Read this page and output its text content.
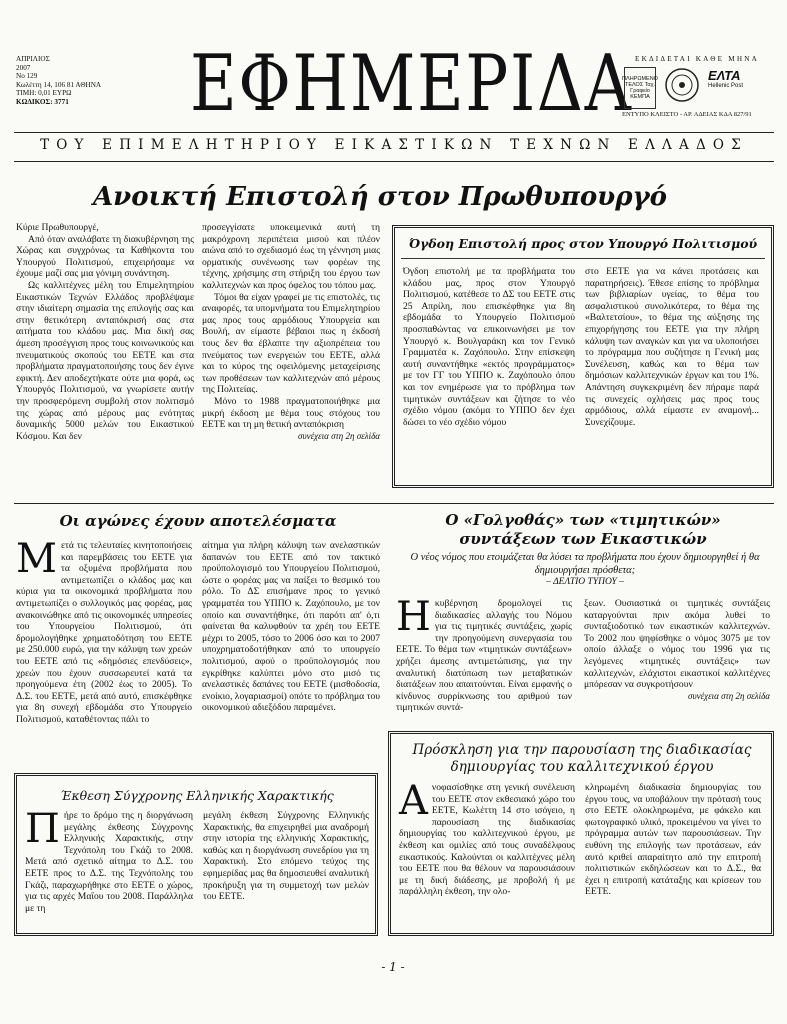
ΑΠΡΙΛΙΟΣ
2007
No 129
Κωλέττη 14, 106 81 ΑΘΗΝΑ
ΤΙΜΗ: 0,01 ΕΥΡΩ
ΚΩΔΙΚΟΣ: 3771	ΕΦΗΜΕΡΙΔΑ ΕΚΔΙΔΕΤΑΙ ΚΑΘΕ ΜΗΝΑ
ΠΛΗΡΩΜΕΝΟ ΤΕΛΟΣ Ταχ. Γραφείο ΚΕΜΠΑ
ΕΛΤΑ
Hellenic Post
ΕΝΤΥΠΟ ΚΛΕΙΣΤΟ - ΑΡ. ΑΔΕΙΑΣ ΚΔΑ 827/91
ΤΟΥ ΕΠΙΜΕΛΗΤΗΡΙΟΥ ΕΙΚΑΣΤΙΚΩΝ ΤΕΧΝΩΝ ΕΛΛΑΔΟΣ
Ανοικτή Επιστολή στον Πρωθυπουργό

Κύριε Πρωθυπουργέ,

Από όταν αναλάβατε τη διακυβέρνηση της Χώρας και συγχρόνως τα Καθήκοντα του Υπουργού Πολιτισμού, επιχειρήσαμε να έχουμε μαζί σας μια γόνιμη συνάντηση.

Ως καλλιτέχνες μέλη του Επιμελητηρίου Εικαστικών Τεχνών Ελλάδος προβλέψαμε στην ιδιαίτερη σημασία της επιλογής σας και στην θετικότερη ανταπόκρισή σας στα αιτήματα του κλάδου μας. Μια δική σας άμεση προσέγγιση προς τους κοινωνικούς και πνευματικούς σκοπούς του ΕΕΤΕ και στα προβλήματα πραγματοποιήσης τους δεν έγινε εφικτή. Δεν αποδεχτήκατε ούτε μια φορά, ως Υπουργός Πολιτισμού, να γνωρίσετε αυτήν την προσφερόμενη συμβολή στον πολιτισμό της χώρας από μέρους μας ενότητας δυναμικής 5000 μελών του Εικαστικού Κόσμου. Και δεν

προσεγγίσατε υποκειμενικά αυτή τη μακρόχρονη περιπέτεια μισού και πλέον αιώνα από το σχεδιασμό έως τη γέννηση μιας ορματικής συνένωσης των φορέων της τέχνης, χρήσιμης στη στήριξη του έργου των καλλιτεχνών και προς όφελος του τόπου μας.

Τόμοι θα είχαν γραφεί με τις επιστολές, τις αναφορές, τα υπομνήματα του Επιμελητηρίου μας προς τους αρμόδιους Υπουργεία και Βουλή, αν είμαστε βέβαιοι πως η έκδοσή τους δεν θα έβλαπτε την αξιοπρέπεια του πνεύματος των ενεργειών του ΕΕΤΕ, αλλά και το κύρος της οφειλόμενης μεταχείρισης των προθέσεων των καλλιτεχνών από μέρους της Πολιτείας.

Μόνο το 1988 πραγματοποιήθηκε μια μικρή έκδοση με θέμα τους στόχους του ΕΕΤΕ και τη μη θετική ανταπόκριση

συνέχεια στη 2η σελίδα
Όγδοη Επιστολή προς στον Υπουργό Πολιτισμού
Όγδοη επιστολή με τα προβλήματα του κλάδου μας, προς στον Υπουργό Πολιτισμού, κατέθεσε το ΔΣ του ΕΕΤΕ στις 25 Απρίλη, που επισκέφθηκε για 8η εβδομάδα το Υπουργείο Πολιτισμού προσπαθώντας να επικοινωνήσει με τον Υπουργό κ. Βουλγαράκη και τον Γενικό Γραμματέα κ. Ζαχόπουλο. Στην επίσκεψη αυτή συναντήθηκε «εκτός προγράμματος» με τον ΓΓ του ΥΠΠΟ κ. Ζαχόπουλο όπου και τον ενημέρωσε για το πρόβλημα των τιμητικών συντάξεων και ζήτησε το νέο σχέδιο νόμου (ακόμα το ΥΠΠΟ δεν έχει δώσει το νέο σχέδιο νόμου
στο ΕΕΤΕ για να κάνει προτάσεις και παρατηρήσεις). Έθεσε επίσης το πρόβλημα των βιβλιαρίων υγείας, το θέμα του ασφαλιστικού συνολικότερα, το θέμα της «Βαλτετσίου», το θέμα της αύξησης της επιχορήγησης του ΕΕΤΕ για την πλήρη κάλυψη των αναγκών και για να υλοποιήσει το πρόγραμμα που συζήτησε η Γενική μας Συνέλευση, καθώς και το θέμα των δημόσιων καλλιτεχνικών έργων και του 1%. Απάντηση συγκεκριμένη δεν πήραμε παρά τις συνεχείς οχλήσεις μας προς τους αρμόδιους, αλλά είμαστε εν αναμονή... Συνεχίζουμε.
Οι αγώνες έχουν αποτελέσματα
Μετά τις τελευταίες κινητοποιήσεις και παρεμβάσεις του ΕΕΤΕ για τα οξυμένα προβλήματα που αντιμετωπίζει ο κλάδος μας και κύρια για τα οικονομικά προβλήματα που αντιμετωπίζει ο συλλογικός μας φορέας, μας ανακοινώθηκε από τις οικονομικές υπηρεσίες του Υπουργείου Πολιτισμού, ότι δρομολογήθηκε χρηματοδότηση του ΕΕΤΕ με 250.000 ευρώ, για την κάλυψη των χρεών του ΕΕΤΕ από τις «δημόσιες επενδύσεις», χρεών που έχουν συσσωρευτεί κατά τα προηγούμενα έτη (2002 έως το 2005). Το Δ.Σ. του ΕΕΤΕ, μετά από αυτό, επισκέφθηκε για 8η συνεχή εβδομάδα στο Υπουργείο Πολιτισμού, καταθέτοντας πάλι το
αίτημα για πλήρη κάλυψη των ανελαστικών δαπανών του ΕΕΤΕ από τον τακτικό προϋπολογισμό του Υπουργείου Πολιτισμού, ώστε ο φορέας μας να παίξει το θεσμικό του ρόλο. Το ΔΣ επισήμανε προς το γενικό γραμματέα του ΥΠΠΟ κ. Ζαχόπουλο, με τον οποίο και συναντήθηκε, ότι παρότι απ' ό,τι φαίνεται θα καλυφθούν τα χρέη του ΕΕΤΕ μέχρι το 2005, τόσο το 2006 όσο και το 2007 υποχρηματοδοτήθηκαν από το υπουργείο πολιτισμού, αφού ο προϋπολογισμός που εγκρίθηκε καλύπτει μόνο στο μισό τις ανελαστικές δαπάνες του ΕΕΤΕ (μισθοδοσία, ενοίκιο, λογαριασμοί) οπότε το πρόβλημα του οικονομικού αδιεξόδου παραμένει.
Ο «Γολγοθάς» των «τιμητικών» συντάξεων των Εικαστικών
Ο νέος νόμος που ετοιμάζεται θα λύσει τα προβλήματα που έχουν δημιουργηθεί ή θα δημιουργήσει πρόσθετα;
– ΔΕΛΤΙΟ ΤΥΠΟΥ –
Ηκυβέρνηση δρομολογεί τις διαδικασίες αλλαγής του Νόμου για τις τιμητικές συντάξεις, χωρίς την προηγούμενη συνεργασία του ΕΕΤΕ. Το θέμα των «τιμητικών συντάξεων» χρήζει άμεσης αντιμετώπισης, για την αναλυτική διατύπωση των μεταβατικών διατάξεων που απαιτούνται. Είναι εμφανής ο κίνδυνος συρρίκνωσης του αριθμού των τιμητικών συντά-
ξεων. Ουσιαστικά οι τιμητικές συντάξεις καταργούνται πριν ακόμα λυθεί το συνταξιοδοτικό των εικαστικών καλλιτεχνών. Το 2002 που ψηφίσθηκε ο νόμος 3075 με τον οποίο άλλαξε ο νόμος του 1996 για τις λεγόμενες «τιμητικές συντάξεις» των καλλιτεχνών, ελάχιστοι εικαστικοί καλλιτέχνες μπόρεσαν να συγκροτήσουν
συνέχεια στη 2η σελίδα
Έκθεση Σύγχρονης Ελληνικής Χαρακτικής
Πήρε το δρόμο της η διοργάνωση μεγάλης έκθεσης Σύγχρονης Ελληνικής Χαρακτικής, στην Τεχνόπολη του Γκάζι το 2008. Μετά από σχετικό αίτημα το Δ.Σ. του ΕΕΤΕ προς το Δ.Σ. της Τεχνόπολης του Γκάζι, παραχωρήθηκε στο ΕΕΤΕ ο χώρος, για τις αρχές Μαΐου του 2008. Παράλληλα με τη
μεγάλη έκθεση Σύγχρονης Ελληνικής Χαρακτικής, θα επιχειρηθεί μια αναδρομή στην ιστορία της ελληνικής Χαρακτικής, καθώς και η διοργάνωση συνεδρίου για τη Χαρακτική. Στο επόμενο τεύχος της εφημερίδας μας θα δημοσιευθεί αναλυτική προκήρυξη για τη συμμετοχή των μελών του ΕΕΤΕ.
Πρόσκληση για την παρουσίαση της διαδικασίας δημιουργίας του καλλιτεχνικού έργου
Ανοφασίσθηκε στη γενική συνέλευση του ΕΕΤΕ στον εκθεσιακό χώρο του ΕΕΤΕ, Κωλέττη 14 στο ισόγειο, η παρουσίαση της διαδικασίας δημιουργίας του καλλιτεχνικού έργου, με έκθεση και ομιλίες από τους συναδέλφους εικαστικούς. Καλούνται οι καλλιτέχνες μέλη του ΕΕΤΕ που θα θέλουν να παρουσιάσουν με τη δική διάδεσης, με προβολή ή με παράλληλη έκθεση, την ολο-
κληρωμένη διαδικασία δημιουργίας του έργου τους, να υποβάλουν την πρότασή τους στο ΕΕΤΕ ολοκληρωμένα, με φάκελο και φωτογραφικό υλικό, προκειμένου να γίνει το πρόγραμμα αυτών των παρουσιάσεων. Την ευθύνη της επιλογής των προτάσεων, εάν αυτό κριθεί απαραίτητο από την επιτροπή πολιτιστικών εκδηλώσεων και το Δ.Σ., θα έχει η επιτροπή κατάταξης και κρίσεων του ΕΕΤΕ.
- 1 -
